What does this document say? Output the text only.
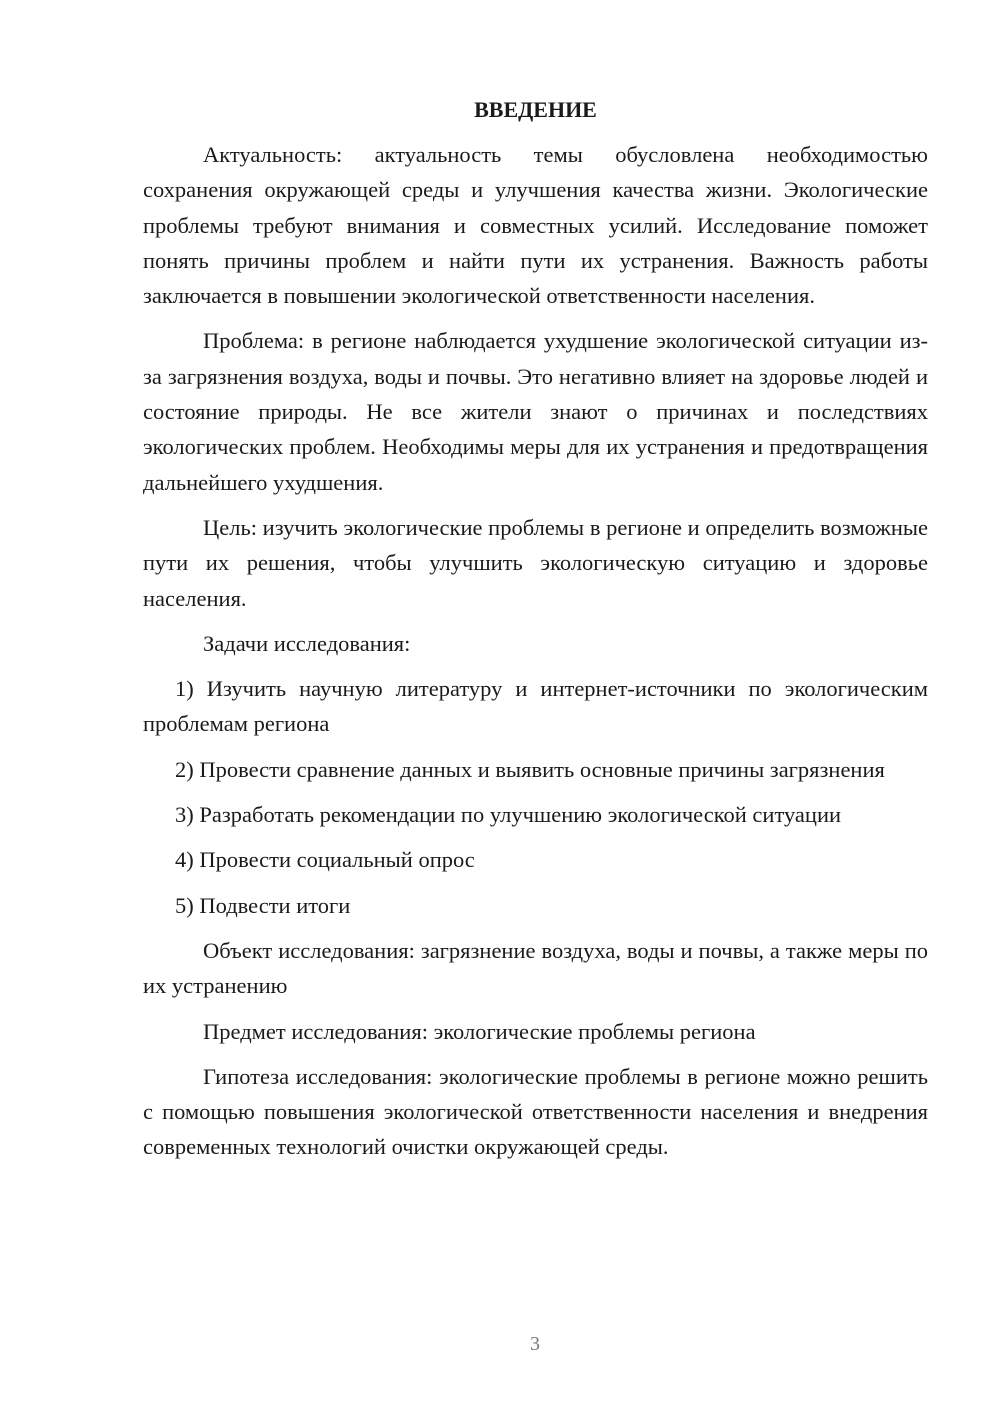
ВВЕДЕНИЕ

Актуальность: актуальность темы обусловлена необходимостью сохранения окружающей среды и улучшения качества жизни. Экологические проблемы требуют внимания и совместных усилий. Исследование поможет понять причины проблем и найти пути их устранения. Важность работы заключается в повышении экологической ответственности населения.

Проблема: в регионе наблюдается ухудшение экологической ситуации из-за загрязнения воздуха, воды и почвы. Это негативно влияет на здоровье людей и состояние природы. Не все жители знают о причинах и последствиях экологических проблем. Необходимы меры для их устранения и предотвращения дальнейшего ухудшения.

Цель: изучить экологические проблемы в регионе и определить возможные пути их решения, чтобы улучшить экологическую ситуацию и здоровье населения.

Задачи исследования:

1) Изучить научную литературу и интернет-источники по экологическим проблемам региона

2) Провести сравнение данных и выявить основные причины загрязнения

3) Разработать рекомендации по улучшению экологической ситуации

4) Провести социальный опрос

5) Подвести итоги

Объект исследования: загрязнение воздуха, воды и почвы, а также меры по их устранению

Предмет исследования: экологические проблемы региона

Гипотеза исследования: экологические проблемы в регионе можно решить с помощью повышения экологической ответственности населения и внедрения современных технологий очистки окружающей среды.

3
